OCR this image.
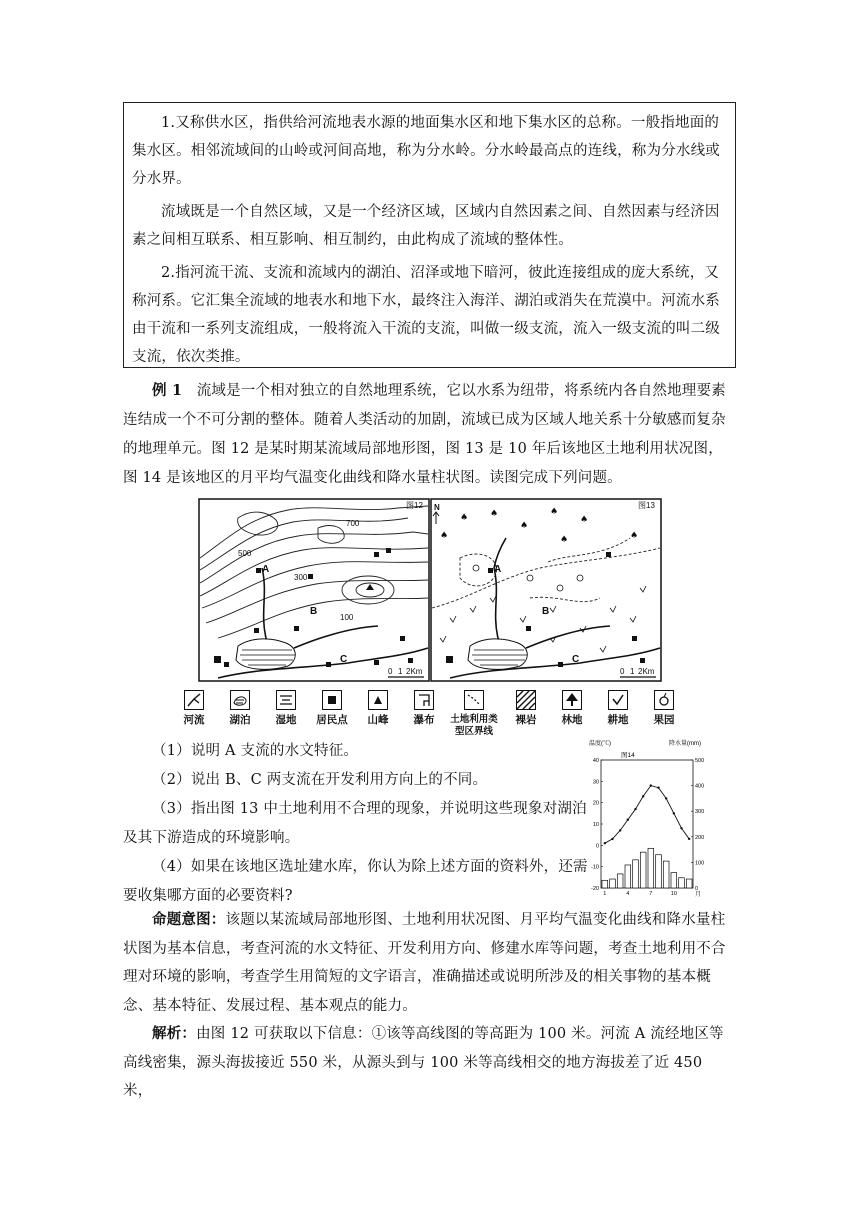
1.又称供水区，指供给河流地表水源的地面集水区和地下集水区的总称。一般指地面的集水区。相邻流域间的山岭或河间高地，称为分水岭。分水岭最高点的连线，称为分水线或分水界。

流域既是一个自然区域，又是一个经济区域，区域内自然因素之间、自然因素与经济因素之间相互联系、相互影响、相互制约，由此构成了流域的整体性。

2.指河流干流、支流和流域内的湖泊、沼泽或地下暗河，彼此连接组成的庞大系统，又称河系。它汇集全流域的地表水和地下水，最终注入海洋、湖泊或消失在荒漠中。河流水系由干流和一系列支流组成，一般将流入干流的支流，叫做一级支流，流入一级支流的叫二级支流，依次类推。

例 1 流域是一个相对独立的自然地理系统，它以水系为纽带，将系统内各自然地理要素连结成一个不可分割的整体。随着人类活动的加剧，流域已成为区域人地关系十分敏感而复杂的地理单元。图 12 是某时期某流域局部地形图，图 13 是 10 年后该地区土地利用状况图，图 14 是该地区的月平均气温变化曲线和降水量柱状图。读图完成下列问题。

图12
500
700
300
100
A
B
C
0 1 2Km
♠ ♠	♠
♠
♠
♠
♠	♠
图13
N
A
B
C
0 1 2Km
河流	湖泊	湿地	居民点	山峰	瀑布	土地利用类型区界线
裸岩	林地	耕地	果园

（1）说明 A 支流的水文特征。

（2）说出 B、C 两支流在开发利用方向上的不同。

（3）指出图 13 中土地利用不合理的现象，并说明这些现象对湖泊及其下游造成的环境影响。

（4）如果在该地区选址建水库，你认为除上述方面的资料外，还需要收集哪方面的必要资料?

温度(℃)	降水量(mm)
图14
月
40
30
20
10
0
-10
-20
500
400
300
200
100
0
1	4	7	10

命题意图：该题以某流域局部地形图、土地利用状况图、月平均气温变化曲线和降水量柱状图为基本信息，考查河流的水文特征、开发利用方向、修建水库等问题，考查土地利用不合理对环境的影响，考查学生用简短的文字语言，准确描述或说明所涉及的相关事物的基本概念、基本特征、发展过程、基本观点的能力。

解析：由图 12 可获取以下信息：①该等高线图的等高距为 100 米。河流 A 流经地区等高线密集，源头海拔接近 550 米，从源头到与 100 米等高线相交的地方海拔差了近 450 米，
